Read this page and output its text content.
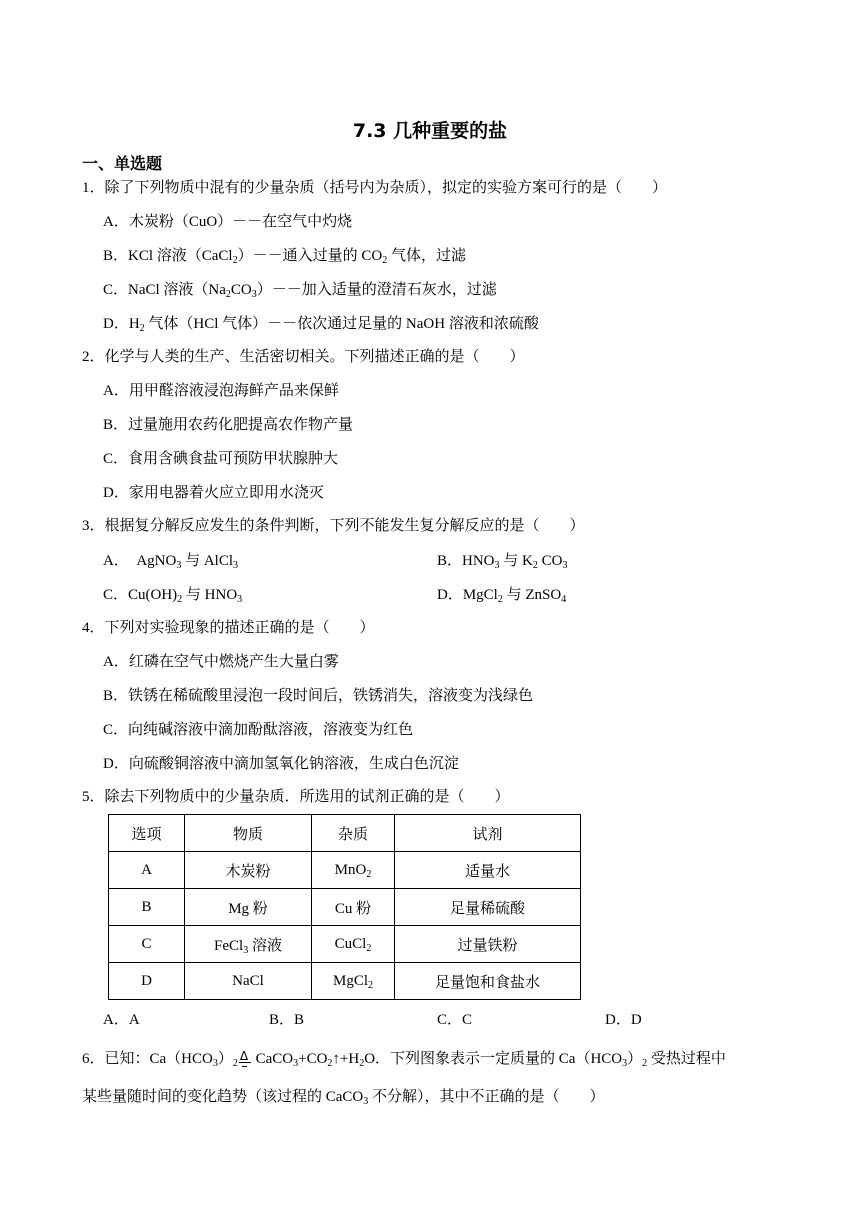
7.3 几种重要的盐
一、单选题
1．除了下列物质中混有的少量杂质（括号内为杂质），拟定的实验方案可行的是（　　）
A．木炭粉（CuO）－－在空气中灼烧
B．KCl 溶液（CaCl$_2$）－－通入过量的 $CO_2$ 气体，过滤
C．NaCl 溶液$(Na_2CO_3)--$加入适量的澄清石灰水，过滤
D．$H_2$ 气体（HCl 气体）－－依次通过足量的 NaOH 溶液和浓硫酸
2．化学与人类的生产、生活密切相关。下列描述正确的是（　　）
A．用甲醛溶液浸泡海鲜产品来保鲜
B．过量施用农药化肥提高农作物产量
C．食用含碘食盐可预防甲状腺肿大
D．家用电器着火应立即用水浇灭
3．根据复分解反应发生的条件判断，下列不能发生复分解反应的是（　　）
A．　AgNO$_3$ 与 AlCl$_3$	B．$HNO_3$ 与 $K_2$ $CO_3$
C．$Cu(OH)_2$ 与 $HNO_3$	D．MgCl$_2$ 与 ZnSO$_4$
4．下列对实验现象的描述正确的是（　　）
A．红磷在空气中燃烧产生大量白雾
B．铁锈在稀硫酸里浸泡一段时间后，铁锈消失，溶液变为浅绿色
C．向纯碱溶液中滴加酚酞溶液，溶液变为红色
D．向硫酸铜溶液中滴加氢氧化钠溶液，生成白色沉淀
5．除去下列物质中的少量杂质．所选用的试剂正确的是（　　）
选项	物质	杂质	试剂
A	木炭粉	MnO$_2$	适量水
B	Mg 粉	Cu 粉	足量稀硫酸
C	FeCl$_3$ 溶液	CuCl$_2$	过量铁粉
D	NaCl	MgCl$_2$	足量饱和食盐水
A．A	B．B	C．C	D．D
6．已知：$Ca(HCO_3)_2$
Δ $CaCO_3+CO_2↑+H_2O$．下列图象表示一定质量的 $Ca(HCO_3)_2$ 受热过程中
某些量随时间的变化趋势（该过程的 CaCO$_3$ 不分解），其中不正确的是（　　）
